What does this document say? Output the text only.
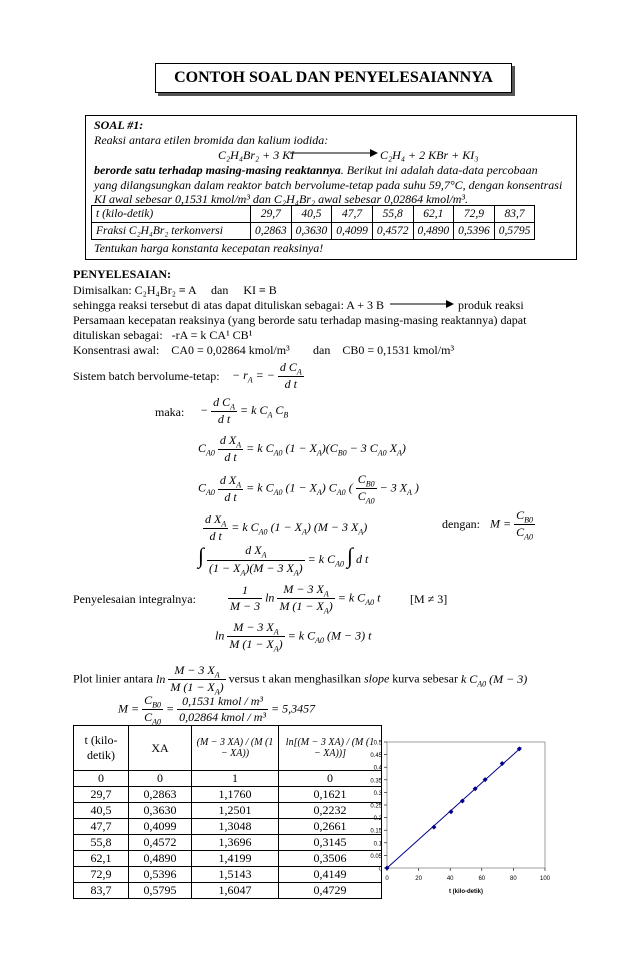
CONTOH SOAL DAN PENYELESAIANNYA
SOAL #1:
Reaksi antara etilen bromida dan kalium iodida:
C₂H₄Br₂ + 3 KI	C₂H₄ + 2 KBr + KI₃
berorde satu terhadap masing-masing reaktannya. Berikut ini adalah data-data percobaan
yang dilangsungkan dalam reaktor batch bervolume-tetap pada suhu 59,7°C, dengan konsentrasi
KI awal sebesar 0,1531 kmol/m³ dan C₂H₄Br₂ awal sebesar 0,02864 kmol/m³.
t (kilo-detik)	29,7	40,5	47,7	55,8	62,1	72,9	83,7
Fraksi C₂H₄Br₂ terkonversi	0,2863	0,3630	0,4099	0,4572	0,4890	0,5396	0,5795
Tentukan harga konstanta kecepatan reaksinya!
PENYELESAIAN:
Dimisalkan: C₂H₄Br₂ ≡ A     dan     KI ≡ B
sehingga reaksi tersebut di atas dapat dituliskan sebagai: A + 3 B	produk reaksi
Persamaan kecepatan reaksinya (yang berorde satu terhadap masing-masing reaktannya) dapat
dituliskan sebagai:   -rA = k CA¹ CB¹
Konsentrasi awal:    CA0 = 0,02864 kmol/m³ dan    CB0 = 0,1531 kmol/m³
Sistem batch bervolume-tetap: − $r_A$ = − $\frac{d C_A}{\text{d t}}$
maka: − $\frac{d C_A}{\text{d t}} = k$ $C_A$ $C_B$
$C_{A0} \frac{d X_A}{\text{d t}} = k$ $C_{A0}$ $(1 - X_A)(C_{B0} - 3$ $C_{A0}$ $X_A$)
$C_{A0} \frac{d X_A}{\text{d t}} = k$ $C_{A0}$ $(1 - X_A)$ $C_{A0}$ ( $\frac{C_{B0}}{C_{A0}} - 3$ $X_A$ )
$\frac{d X_A}{\text{d t}} = k$ $C_{A0}$ $(1 - X_A)$ (M − 3 $X_A$)	dengan: $M = \frac{C_{B0}}{C_{A0}}$
∫ $\frac{d X_A}{(1 - X_A)(M - 3 X_A)} = k$ $C_{A0}$ ∫ d t
Penyelesaian integralnya:	$\frac{1}{M - 3}$ $\ln \frac{M - 3 X_A}{M (1 - X_A)} = k$ $C_{A0}$ t [M ≠ 3]
$\ln \frac{M - 3 X_A}{M (1 - X_A)} = k$ $C_{A0}$ (M − 3) t
Plot linier antara $\ln \frac{M - 3 X_A}{M (1 - X_A)}$ versus t akan menghasilkan slope kurva sebesar k $C_{A0}$ (M − 3)
$M = \frac{C_{B0}}{C_{A0}} = \frac{\text{0,1531 kmol / m³}}{\text{0,02864 kmol / m³}} = 5,3457$
t (kilo-detik)	XA	(M − 3 XA) / (M (1 − XA))	ln[(M − 3 XA) / (M (1 − XA))]
0	0	1	0
29,7	0,2863	1,1760	0,1621
40,5	0,3630	1,2501	0,2232
47,7	0,4099	1,3048	0,2661
55,8	0,4572	1,3696	0,3145
62,1	0,4890	1,4199	0,3506
72,9	0,5396	1,5143	0,4149
83,7	0,5795	1,6047	0,4729
0
0.05
0.1
0.15
0.2
0.25
0.3
0.35
0.4
0.45
0.5
0	20	40	60	80	100
t (kilo-detik)
